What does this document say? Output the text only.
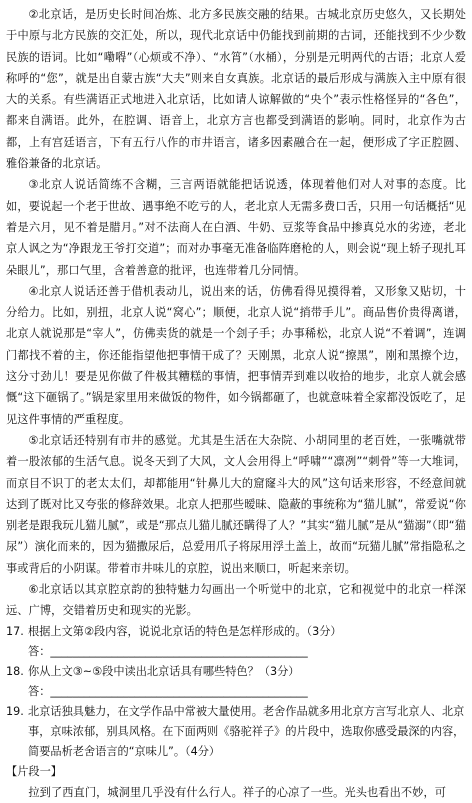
②北京话，是历史长时间冶炼、北方多民族交融的结果。古城北京历史悠久，又长期处于中原与北方民族的交汇处，所以，现代北京话中仍能找到前期的古词，还能找到不少少数民族的语词。比如“嘞嘚”（心烦或不净）、“水筲”（水桶），分别是元明两代的古语；北京人爱称呼的“您”，就是出自蒙古族“大夫”则来自女真族。北京话的最后形成与满族入主中原有很大的关系。有些满语正式地进入北京话，比如请人谅解做的“央个”表示性格怪异的“各色”，都来自满语。此外，在腔调、语音上，北京方言也都受到满语的影响。同时，北京作为古都，上有宫廷语言，下有五行八作的市井语言，诸多因素融合在一起，便形成了字正腔圆、雅俗兼备的北京话。

③北京人说话简练不含糊，三言两语就能把话说透，体现着他们对人对事的态度。比如，要说起一个老于世故、遇事绝不吃亏的人，老北京人无需多费口舌，只用一句话概括“见着是六月，见不着是腊月。”对不法商人在白酒、牛奶、豆浆等食品中掺真兑水的劣迹，老北京人讽之为“净跟龙王爷打交道”；而对办事毫无准备临阵磨枪的人，则会说“现上轿子现扎耳朵眼儿”，那口气里，含着善意的批评，也连带着几分同情。

④北京人说话还善于借机表动儿，说出来的话，仿佛看得见摸得着，又形象又贴切，十分给力。比如，别扭，北京人说“窝心”；顺便，北京人说“捎带手儿”。商品售价贵得离谱，北京人就说那是“宰人”，仿佛卖货的就是一个刽子手；办事稀松，北京人说“不着调”，连调门都找不着的主，你还能指望他把事情干成了？天刚黑，北京人说“擦黑”，刚和黑擦个边，这分寸劲儿！要是见你做了件极其糟糕的事情，把事情弄到难以收拾的地步，北京人就会感慨“这下砸锅了。”锅是家里用来做饭的物件，如今锅都砸了，也就意味着全家都没饭吃了，足见这件事情的严重程度。

⑤北京话还特别有市井的感觉。尤其是生活在大杂院、小胡同里的老百姓，一张嘴就带着一股浓郁的生活气息。说冬天到了大风，文人会用得上“呼啸”“凛冽”“刺骨”等一大堆词，而京目不识丁的老太太们，却都能用“针鼻儿大的窟窿斗大的风”这句话来形容，不经意间就达到了既对比又夸张的修辞效果。北京人把那些暧昧、隐蔽的事统称为“猫儿腻”，常爱说“你别老是跟我玩儿猫儿腻”，或是“那点儿猫儿腻还瞒得了人？”其实“猫儿腻”是从“猫溺”（即“猫尿”）演化而来的，因为猫撒尿后，总爱用爪子将尿用浮土盖上，故而“玩猫儿腻”常指隐私之事或背后的小阴谋。带着市井味儿的京腔，说出来顺口，听起来亲切。

⑥北京话以其京腔京韵的独特魅力勾画出一个听觉中的北京，它和视觉中的北京一样深远、广博，交错着历史和现实的光影。

17. 根据上文第②段内容，说说北京话的特色是怎样形成的。（3分）

答：______________________________________________

18. 你从上文③~⑤段中读出北京话具有哪些特色？（3分）

答：______________________________________________

19. 北京话独具魅力，在文学作品中常被大量使用。老舍作品就多用北京方言写北京人、北京事，京味浓郁，别具风格。在下面两则《骆驼祥子》的片段中，选取你感受最深的内容，简要品析老舍语言的“京味儿”。（4分）

【片段一】

拉到了西直门，城洞里几乎没有什么行人。祥子的心凉了一些。光头也看出不妙，可
